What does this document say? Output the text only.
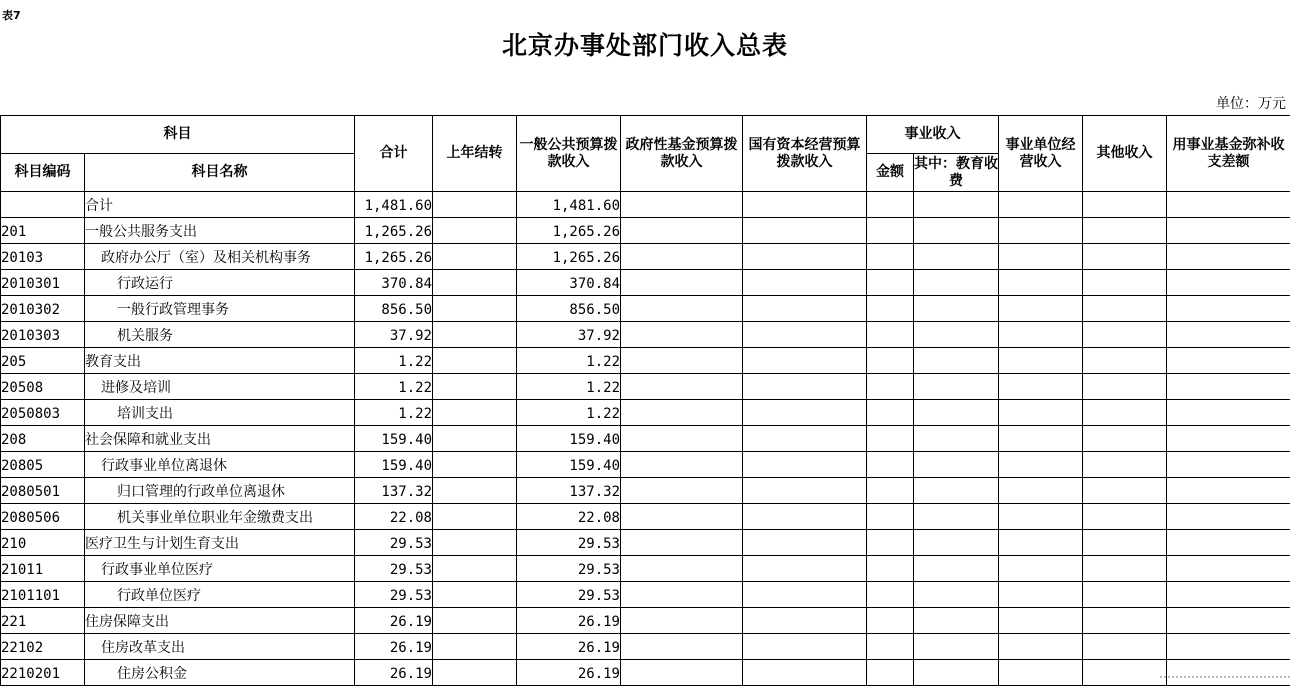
表7
北京办事处部门收入总表
单位：万元
科目		合计	上年结转	一般公共预算拨款收入	政府性基金预算拨款收入	国有资本经营预算拨款收入	事业收入		事业单位经营收入	其他收入	用事业基金弥补收支差额
科目编码	科目名称						金额	其中：教育收费			
	合计	1,481.60		1,481.60							
201	一般公共服务支出	1,265.26		1,265.26							
20103	政府办公厅（室）及相关机构事务	1,265.26		1,265.26							
2010301	行政运行	370.84		370.84							
2010302	一般行政管理事务	856.50		856.50							
2010303	机关服务	37.92		37.92							
205	教育支出	1.22		1.22							
20508	进修及培训	1.22		1.22							
2050803	培训支出	1.22		1.22							
208	社会保障和就业支出	159.40		159.40							
20805	行政事业单位离退休	159.40		159.40							
2080501	归口管理的行政单位离退休	137.32		137.32							
2080506	机关事业单位职业年金缴费支出	22.08		22.08							
210	医疗卫生与计划生育支出	29.53		29.53							
21011	行政事业单位医疗	29.53		29.53							
2101101	行政单位医疗	29.53		29.53							
221	住房保障支出	26.19		26.19							
22102	住房改革支出	26.19		26.19							
2210201	住房公积金	26.19		26.19							
